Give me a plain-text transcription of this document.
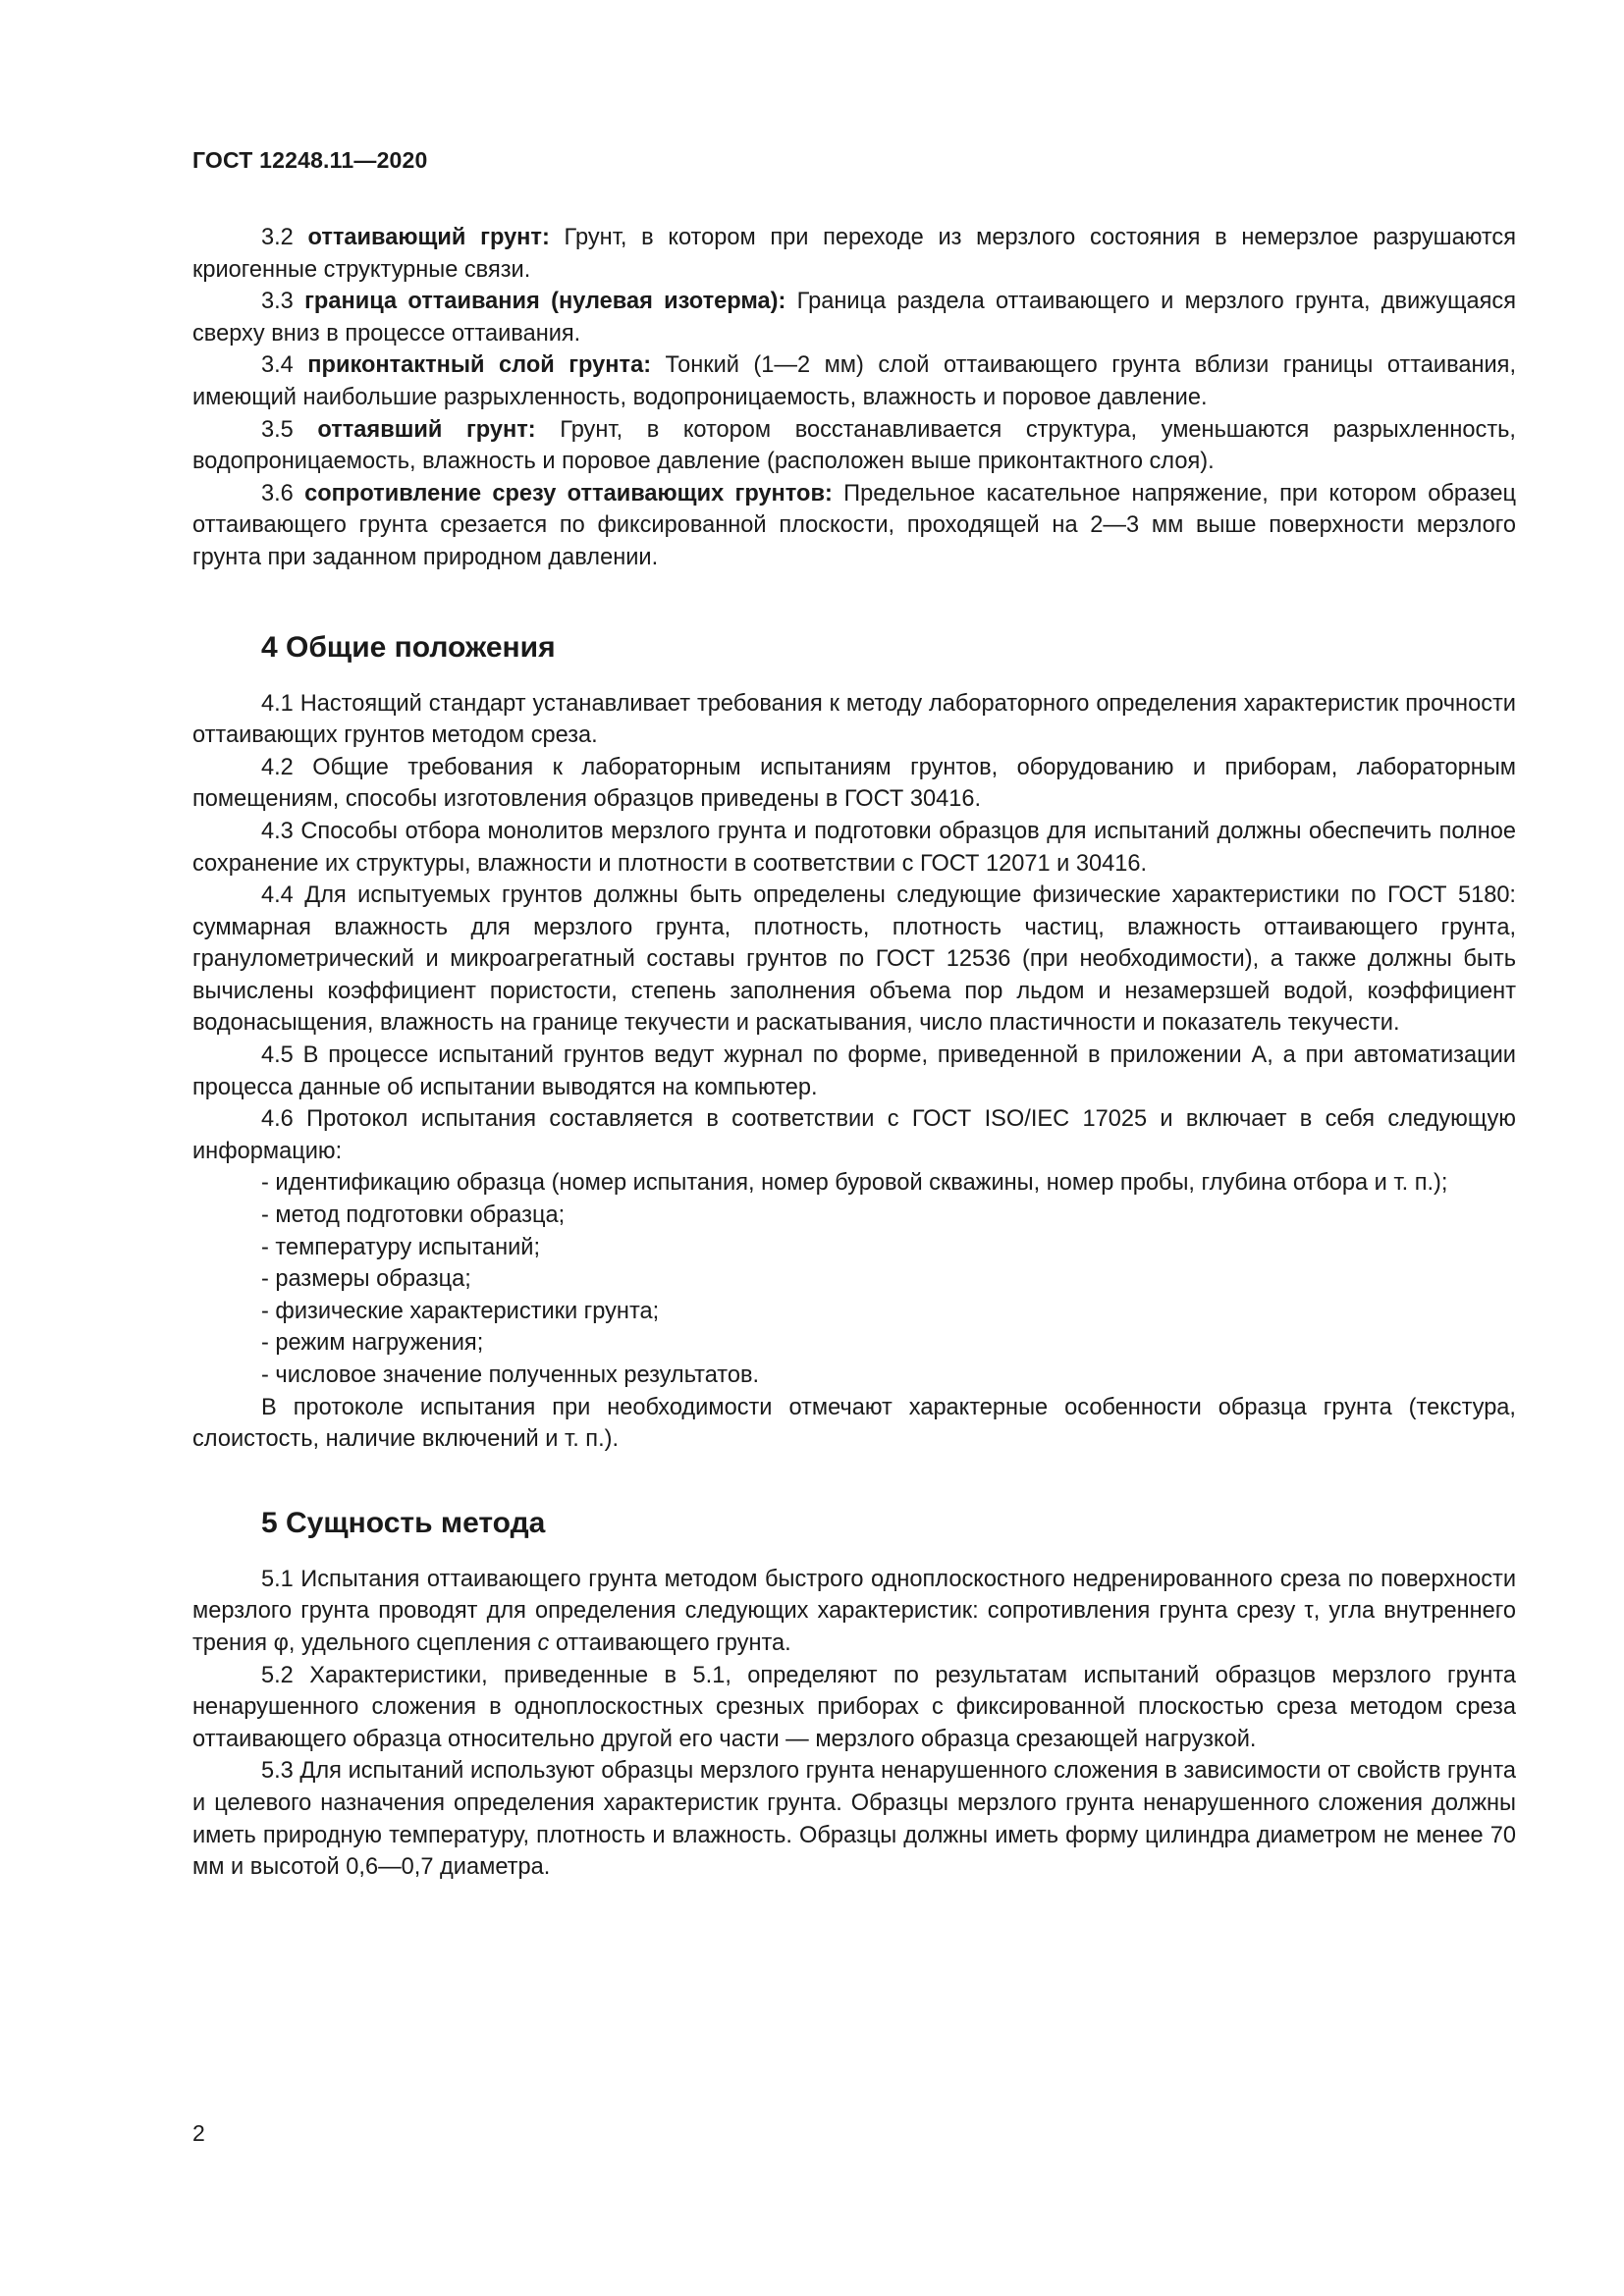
ГОСТ 12248.11—2020

3.2 оттаивающий грунт: Грунт, в котором при переходе из мерзлого состояния в немерзлое разрушаются криогенные структурные связи.

3.3 граница оттаивания (нулевая изотерма): Граница раздела оттаивающего и мерзлого грунта, движущаяся сверху вниз в процессе оттаивания.

3.4 приконтактный слой грунта: Тонкий (1—2 мм) слой оттаивающего грунта вблизи границы оттаивания, имеющий наибольшие разрыхленность, водопроницаемость, влажность и поровое давление.

3.5 оттаявший грунт: Грунт, в котором восстанавливается структура, уменьшаются разрыхленность, водопроницаемость, влажность и поровое давление (расположен выше приконтактного слоя).

3.6 сопротивление срезу оттаивающих грунтов: Предельное касательное напряжение, при котором образец оттаивающего грунта срезается по фиксированной плоскости, проходящей на 2—3 мм выше поверхности мерзлого грунта при заданном природном давлении.

4 Общие положения

4.1 Настоящий стандарт устанавливает требования к методу лабораторного определения характеристик прочности оттаивающих грунтов методом среза.

4.2 Общие требования к лабораторным испытаниям грунтов, оборудованию и приборам, лабораторным помещениям, способы изготовления образцов приведены в ГОСТ 30416.

4.3 Способы отбора монолитов мерзлого грунта и подготовки образцов для испытаний должны обеспечить полное сохранение их структуры, влажности и плотности в соответствии с ГОСТ 12071 и 30416.

4.4 Для испытуемых грунтов должны быть определены следующие физические характеристики по ГОСТ 5180: суммарная влажность для мерзлого грунта, плотность, плотность частиц, влажность оттаивающего грунта, гранулометрический и микроагрегатный составы грунтов по ГОСТ 12536 (при необходимости), а также должны быть вычислены коэффициент пористости, степень заполнения объема пор льдом и незамерзшей водой, коэффициент водонасыщения, влажность на границе текучести и раскатывания, число пластичности и показатель текучести.

4.5 В процессе испытаний грунтов ведут журнал по форме, приведенной в приложении А, а при автоматизации процесса данные об испытании выводятся на компьютер.

4.6 Протокол испытания составляется в соответствии с ГОСТ ISO/IEC 17025 и включает в себя следующую информацию:

- идентификацию образца (номер испытания, номер буровой скважины, номер пробы, глубина отбора и т. п.);

- метод подготовки образца;

- температуру испытаний;

- размеры образца;

- физические характеристики грунта;

- режим нагружения;

- числовое значение полученных результатов.

В протоколе испытания при необходимости отмечают характерные особенности образца грунта (текстура, слоистость, наличие включений и т. п.).

5 Сущность метода

5.1 Испытания оттаивающего грунта методом быстрого одноплоскостного недренированного среза по поверхности мерзлого грунта проводят для определения следующих характеристик: сопротивления грунта срезу τ, угла внутреннего трения φ, удельного сцепления с оттаивающего грунта.

5.2 Характеристики, приведенные в 5.1, определяют по результатам испытаний образцов мерзлого грунта ненарушенного сложения в одноплоскостных срезных приборах с фиксированной плоскостью среза методом среза оттаивающего образца относительно другой его части — мерзлого образца срезающей нагрузкой.

5.3 Для испытаний используют образцы мерзлого грунта ненарушенного сложения в зависимости от свойств грунта и целевого назначения определения характеристик грунта. Образцы мерзлого грунта ненарушенного сложения должны иметь природную температуру, плотность и влажность. Образцы должны иметь форму цилиндра диаметром не менее 70 мм и высотой 0,6—0,7 диаметра.

2
